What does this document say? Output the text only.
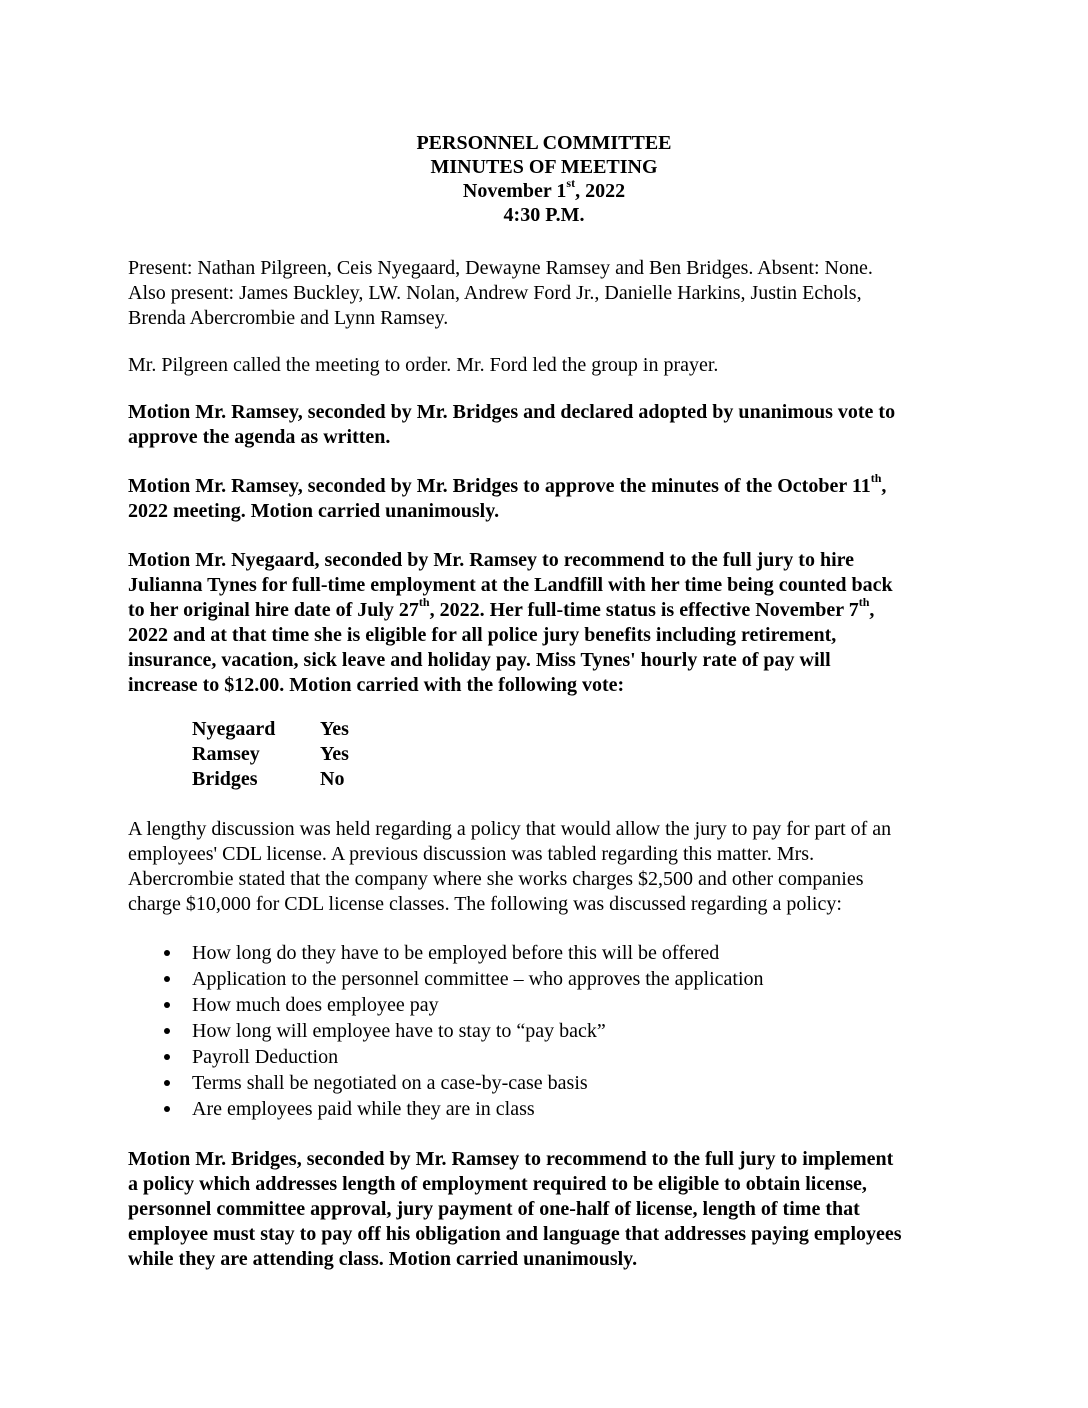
PERSONNEL COMMITTEE
MINUTES OF MEETING
November 1st, 2022
4:30 P.M.
Present: Nathan Pilgreen, Ceis Nyegaard, Dewayne Ramsey and Ben Bridges. Absent: None.
Also present: James Buckley, LW. Nolan, Andrew Ford Jr., Danielle Harkins, Justin Echols,
Brenda Abercrombie and Lynn Ramsey.
Mr. Pilgreen called the meeting to order. Mr. Ford led the group in prayer.
Motion Mr. Ramsey, seconded by Mr. Bridges and declared adopted by unanimous vote to
approve the agenda as written.
Motion Mr. Ramsey, seconded by Mr. Bridges to approve the minutes of the October 11th,
2022 meeting. Motion carried unanimously.
Motion Mr. Nyegaard, seconded by Mr. Ramsey to recommend to the full jury to hire
Julianna Tynes for full-time employment at the Landfill with her time being counted back
to her original hire date of July 27th, 2022. Her full-time status is effective November 7th,
2022 and at that time she is eligible for all police jury benefits including retirement,
insurance, vacation, sick leave and holiday pay. Miss Tynes' hourly rate of pay will
increase to $12.00. Motion carried with the following vote:
Nyegaard	Yes
Ramsey	Yes
Bridges	No
A lengthy discussion was held regarding a policy that would allow the jury to pay for part of an
employees' CDL license. A previous discussion was tabled regarding this matter. Mrs.
Abercrombie stated that the company where she works charges $2,500 and other companies
charge $10,000 for CDL license classes. The following was discussed regarding a policy:
How long do they have to be employed before this will be offered
Application to the personnel committee – who approves the application
How much does employee pay
How long will employee have to stay to “pay back”
Payroll Deduction
Terms shall be negotiated on a case-by-case basis
Are employees paid while they are in class
Motion Mr. Bridges, seconded by Mr. Ramsey to recommend to the full jury to implement
a policy which addresses length of employment required to be eligible to obtain license,
personnel committee approval, jury payment of one-half of license, length of time that
employee must stay to pay off his obligation and language that addresses paying employees
while they are attending class. Motion carried unanimously.
